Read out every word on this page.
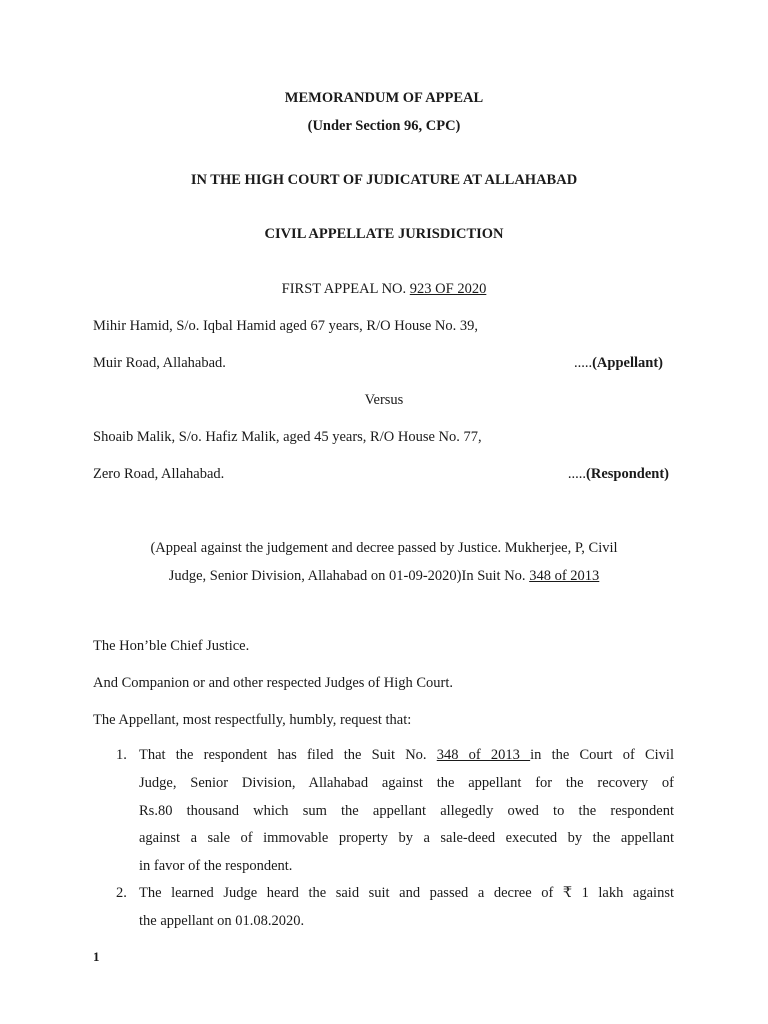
MEMORANDUM OF APPEAL
(Under Section 96, CPC)
IN THE HIGH COURT OF JUDICATURE AT ALLAHABAD
CIVIL APPELLATE JURISDICTION
FIRST APPEAL NO. 923 OF 2020
Mihir Hamid, S/o. Iqbal Hamid aged 67 years, R/O House No. 39,
Muir Road, Allahabad.	.....(Appellant)
Versus
Shoaib Malik, S/o. Hafiz Malik, aged 45 years, R/O House No. 77,
Zero Road, Allahabad.	.....(Respondent)
(Appeal against the judgement and decree passed by Justice. Mukherjee, P, Civil
Judge, Senior Division, Allahabad on 01-09-2020)In Suit No. 348 of 2013
The Hon’ble Chief Justice.
And Companion or and other respected Judges of High Court.
The Appellant, most respectfully, humbly, request that:
1. That the respondent has filed the Suit No. 348 of 2013 in the Court of Civil
Judge, Senior Division, Allahabad against the appellant for the recovery of
Rs.80 thousand which sum the appellant allegedly owed to the respondent
against a sale of immovable property by a sale-deed executed by the appellant
in favor of the respondent.
2. The learned Judge heard the said suit and passed a decree of ₹ 1 lakh against
the appellant on 01.08.2020.
1
